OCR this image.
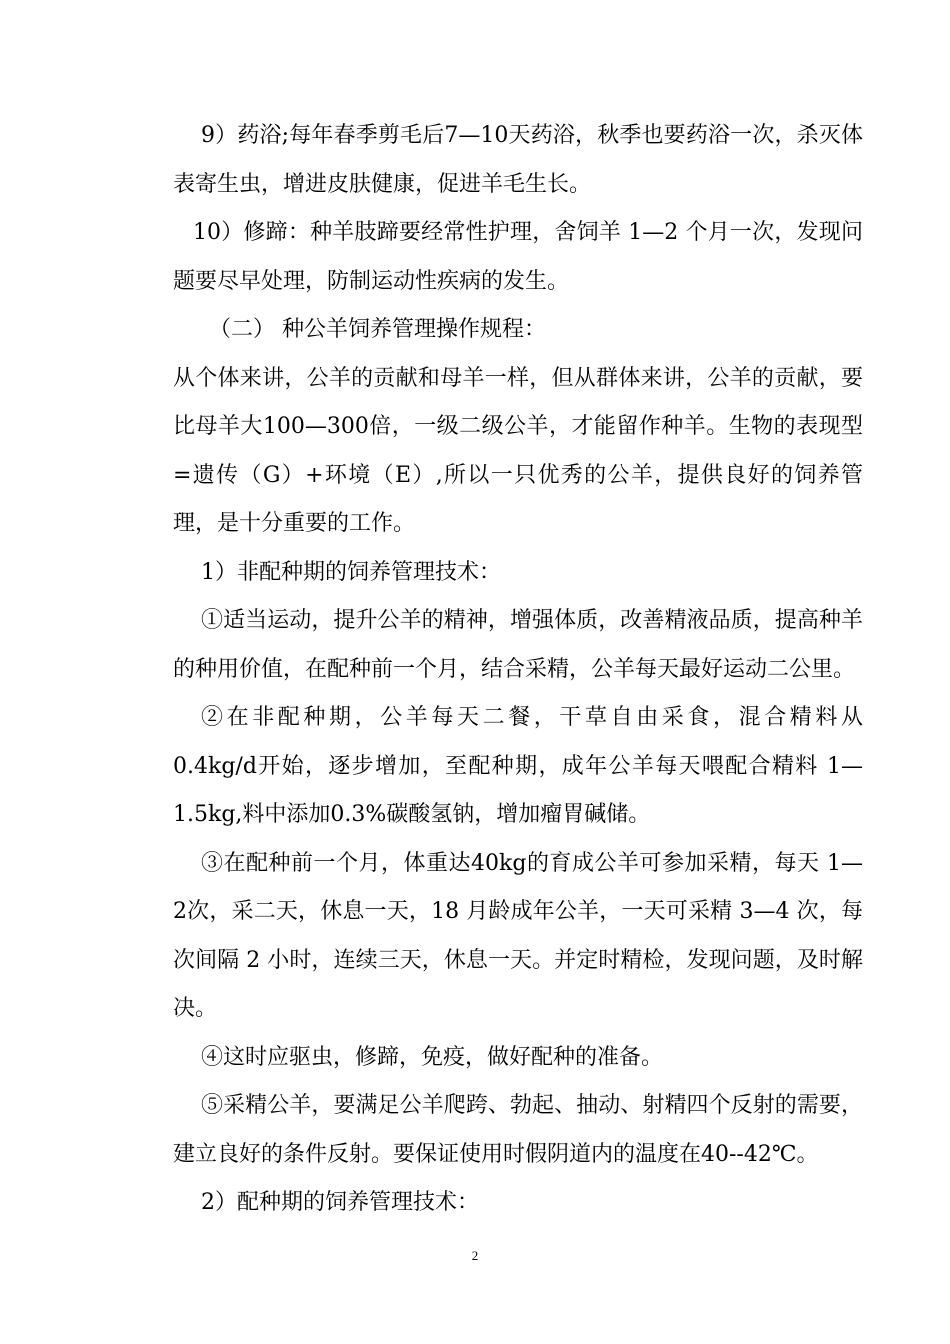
9）药浴;每年春季剪毛后7—10天药浴，秋季也要药浴一次，杀灭体表寄生虫，增进皮肤健康，促进羊毛生长。

10）修蹄：种羊肢蹄要经常性护理，舍饲羊 1—2 个月一次，发现问题要尽早处理，防制运动性疾病的发生。

（二） 种公羊饲养管理操作规程：

从个体来讲，公羊的贡献和母羊一样，但从群体来讲，公羊的贡献，要比母羊大100—300倍，一级二级公羊，才能留作种羊。生物的表现型=遗传（G）+环境（E）,所以一只优秀的公羊，提供良好的饲养管理，是十分重要的工作。

1）非配种期的饲养管理技术：

①适当运动，提升公羊的精神，增强体质，改善精液品质，提高种羊的种用价值，在配种前一个月，结合采精，公羊每天最好运动二公里。

②在非配种期，公羊每天二餐，干草自由采食，混合精料从 0.4kg/d开始，逐步增加，至配种期，成年公羊每天喂配合精料 1—1.5kg,料中添加0.3%碳酸氢钠，增加瘤胃碱储。

③在配种前一个月，体重达40kg的育成公羊可参加采精，每天 1—2次，采二天，休息一天，18 月龄成年公羊，一天可采精 3—4 次，每次间隔 2 小时，连续三天，休息一天。并定时精检，发现问题，及时解决。

④这时应驱虫，修蹄，免疫，做好配种的准备。

⑤采精公羊，要满足公羊爬跨、勃起、抽动、射精四个反射的需要，建立良好的条件反射。要保证使用时假阴道内的温度在40--42℃。

2）配种期的饲养管理技术：

2
